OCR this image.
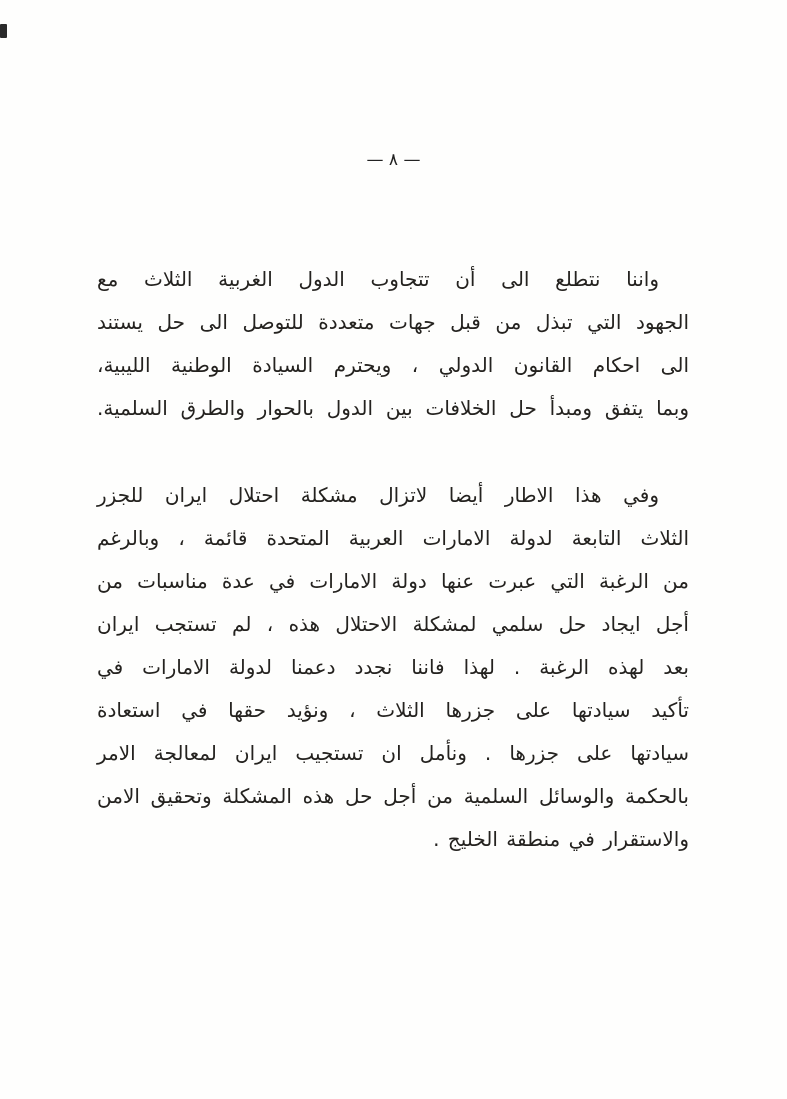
— ٨ —
واننا نتطلع الى أن تتجاوب الدول الغربية الثلاث مع
الجهود التي تبذل من قبل جهات متعددة للتوصل الى حل يستند
الى احكام القانون الدولي ، ويحترم السيادة الوطنية الليبية،
وبما يتفق ومبدأ حل الخلافات بين الدول بالحوار والطرق السلمية.
وفي هذا الاطار أيضا لاتزال مشكلة احتلال ايران للجزر
الثلاث التابعة لدولة الامارات العربية المتحدة قائمة ، وبالرغم
من الرغبة التي عبرت عنها دولة الامارات في عدة مناسبات من
أجل ايجاد حل سلمي لمشكلة الاحتلال هذه ، لم تستجب ايران
بعد لهذه الرغبة . لهذا فاننا نجدد دعمنا لدولة الامارات في
تأكيد سيادتها على جزرها الثلاث ، ونؤيد حقها في استعادة
سيادتها على جزرها . ونأمل ان تستجيب ايران لمعالجة الامر
بالحكمة والوسائل السلمية من أجل حل هذه المشكلة وتحقيق الامن
والاستقرار في منطقة الخليج .
